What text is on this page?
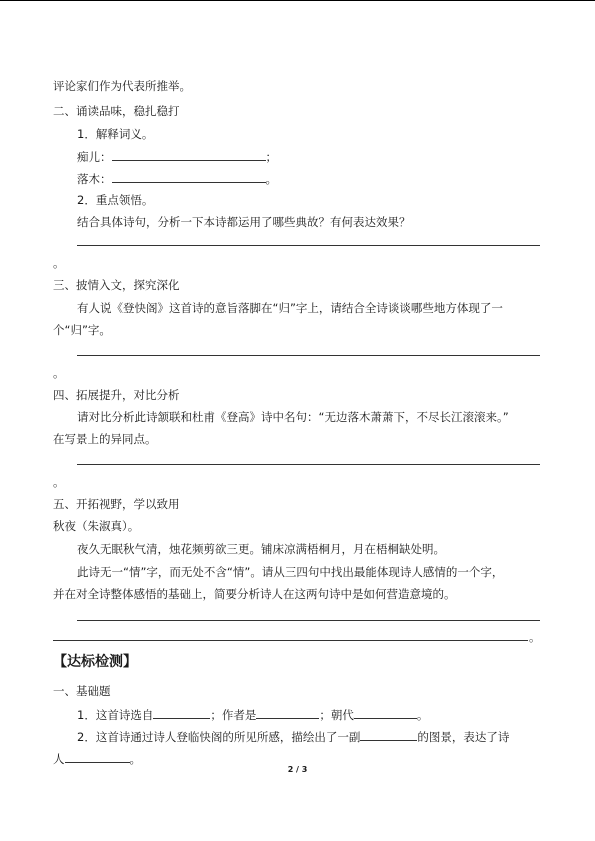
评论家们作为代表所推举。
二、诵读品味，稳扎稳打
1．解释词义。
痴儿：	；
落木：	。
2．重点领悟。
结合具体诗句，分析一下本诗都运用了哪些典故？有何表达效果？
。
三、披情入文，探究深化
有人说《登快阁》这首诗的意旨落脚在“归”字上，请结合全诗谈谈哪些地方体现了一
个“归”字。
。
四、拓展提升，对比分析
请对比分析此诗颔联和杜甫《登高》诗中名句：“无边落木萧萧下，不尽长江滚滚来。”
在写景上的异同点。
。
五、开拓视野，学以致用
秋夜（朱淑真）。
夜久无眠秋气清，烛花频剪欲三更。铺床凉满梧桐月，月在梧桐缺处明。
此诗无一“情”字，而无处不含“情”。请从三四句中找出最能体现诗人感情的一个字，
并在对全诗整体感悟的基础上，简要分析诗人在这两句诗中是如何营造意境的。
。
【达标检测】
一、基础题
1．这首诗选自	；作者是	；朝代	。
2．这首诗通过诗人登临快阁的所见所感，描绘出了一副	的图景，表达了诗
人	。
2 / 3
